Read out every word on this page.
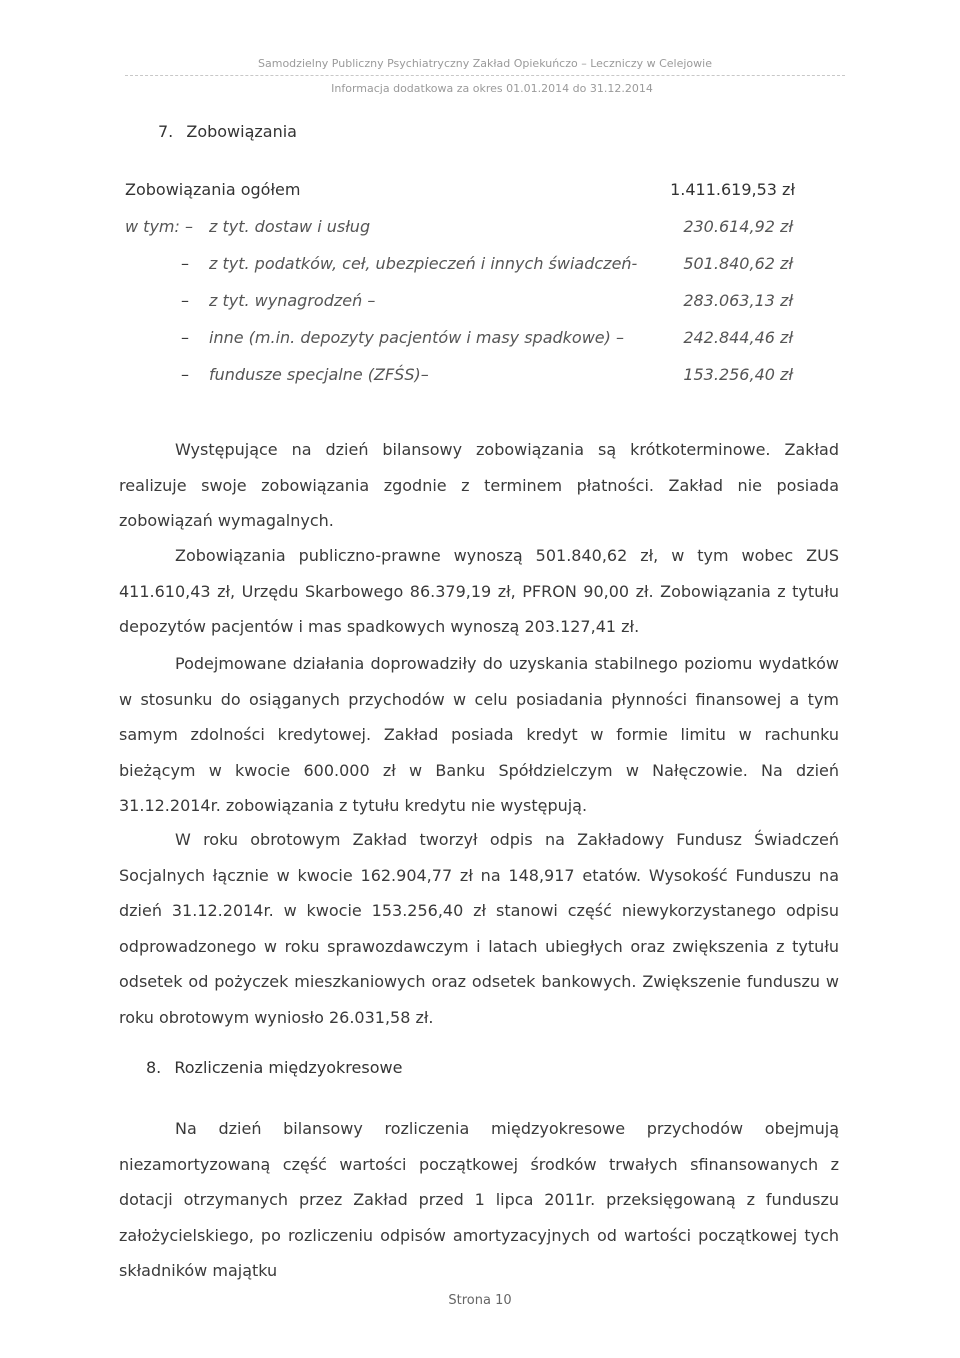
Samodzielny Publiczny Psychiatryczny Zakład Opiekuńczo – Leczniczy w Celejowie
Informacja dodatkowa za okres 01.01.2014 do 31.12.2014
7. Zobowiązania
Zobowiązania ogółem	1.411.619,53 zł
w tym: – z tyt. dostaw i usług	230.614,92 zł
– z tyt. podatków, ceł, ubezpieczeń i innych świadczeń-	501.840,62 zł
– z tyt. wynagrodzeń –	283.063,13 zł
– inne (m.in. depozyty pacjentów i masy spadkowe) –	242.844,46 zł
– fundusze specjalne (ZFŚS)–	153.256,40 zł
Występujące na dzień bilansowy zobowiązania są krótkoterminowe. Zakład realizuje swoje zobowiązania zgodnie z terminem płatności. Zakład nie posiada zobowiązań wymagalnych.
Zobowiązania publiczno-prawne wynoszą 501.840,62 zł, w tym wobec ZUS 411.610,43 zł, Urzędu Skarbowego 86.379,19 zł, PFRON 90,00 zł. Zobowiązania z tytułu depozytów pacjentów i mas spadkowych wynoszą 203.127,41 zł.
Podejmowane działania doprowadziły do uzyskania stabilnego poziomu wydatków w stosunku do osiąganych przychodów w celu posiadania płynności finansowej a tym samym zdolności kredytowej. Zakład posiada kredyt w formie limitu w rachunku bieżącym w kwocie 600.000 zł w Banku Spółdzielczym w Nałęczowie. Na dzień 31.12.2014r. zobowiązania z tytułu kredytu nie występują.
W roku obrotowym Zakład tworzył odpis na Zakładowy Fundusz Świadczeń Socjalnych łącznie w kwocie 162.904,77 zł na 148,917 etatów. Wysokość Funduszu na dzień 31.12.2014r. w kwocie 153.256,40 zł stanowi część niewykorzystanego odpisu odprowadzonego w roku sprawozdawczym i latach ubiegłych oraz zwiększenia z tytułu odsetek od pożyczek mieszkaniowych oraz odsetek bankowych. Zwiększenie funduszu w roku obrotowym wyniosło 26.031,58 zł.
8. Rozliczenia międzyokresowe
Na dzień bilansowy rozliczenia międzyokresowe przychodów obejmują niezamortyzowaną część wartości początkowej środków trwałych sfinansowanych z dotacji otrzymanych przez Zakład przed 1 lipca 2011r. przeksięgowaną z funduszu założycielskiego, po rozliczeniu odpisów amortyzacyjnych od wartości początkowej tych składników majątku
Strona 10
